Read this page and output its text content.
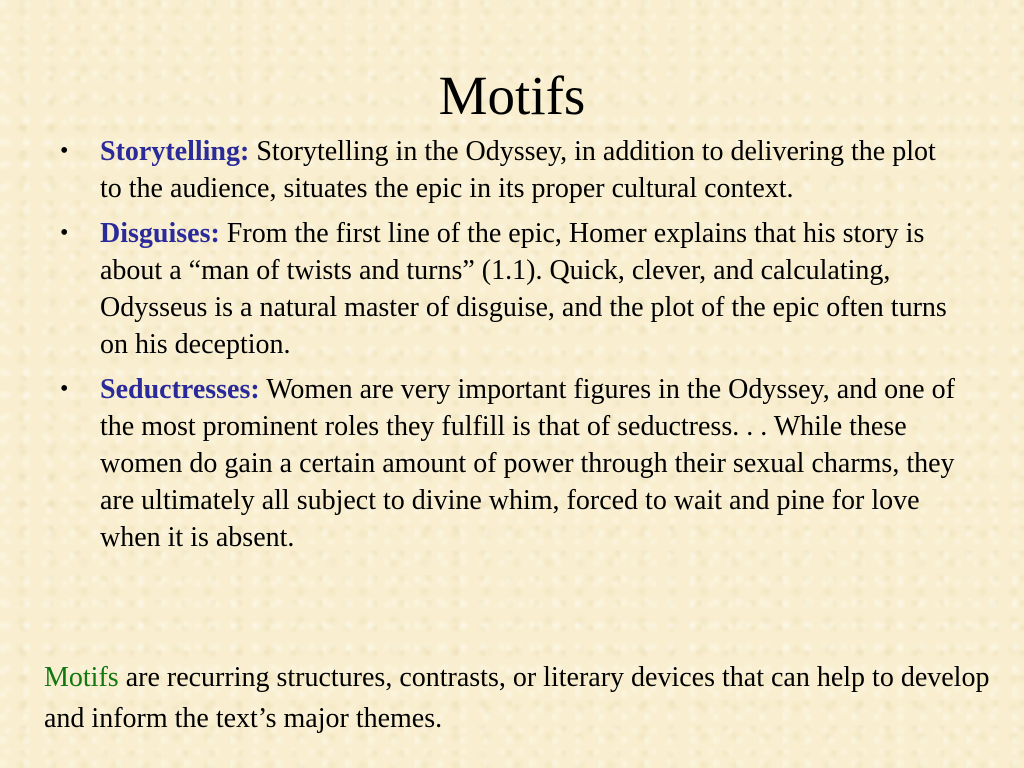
Motifs
• Storytelling: Storytelling in the Odyssey, in addition to delivering the plot to the audience, situates the epic in its proper cultural context.
• Disguises: From the first line of the epic, Homer explains that his story is about a “man of twists and turns” (1.1). Quick, clever, and calculating, Odysseus is a natural master of disguise, and the plot of the epic often turns on his deception.
• Seductresses: Women are very important figures in the Odyssey, and one of the most prominent roles they fulfill is that of seductress. . . While these women do gain a certain amount of power through their sexual charms, they are ultimately all subject to divine whim, forced to wait and pine for love when it is absent.

Motifs are recurring structures, contrasts, or literary devices that can help to develop and inform the text’s major themes.
